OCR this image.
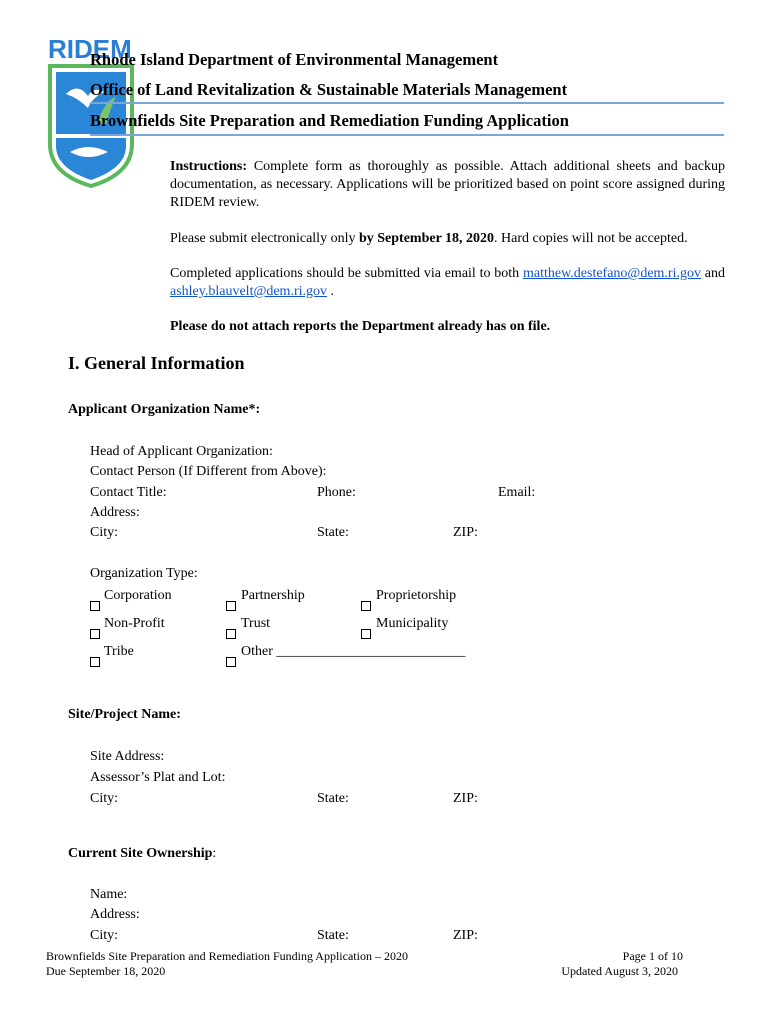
RIDEM
Rhode Island Department of Environmental Management
Office of Land Revitalization & Sustainable Materials Management
Brownfields Site Preparation and Remediation Funding Application
Instructions: Complete form as thoroughly as possible. Attach additional sheets and backup documentation, as necessary. Applications will be prioritized based on point score assigned during RIDEM review.
Please submit electronically only by September 18, 2020. Hard copies will not be accepted.
Completed applications should be submitted via email to both matthew.destefano@dem.ri.gov and ashley.blauvelt@dem.ri.gov .
Please do not attach reports the Department already has on file.
I. General Information
Applicant Organization Name*:
Head of Applicant Organization:
Contact Person (If Different from Above):
Contact Title:	Phone:	Email:
Address:
City:	State:	ZIP:
Organization Type:
Corporation	Partnership	Proprietorship
Non-Profit	Trust	Municipality
Tribe	Other ___________________________
Site/Project Name:
Site Address:
Assessor’s Plat and Lot:
City:	State:	ZIP:
Current Site Ownership:
Name:
Address:
City:	State:	ZIP:
Brownfields Site Preparation and Remediation Funding Application – 2020
Due September 18, 2020
Page 1 of 10
Updated August 3, 2020
